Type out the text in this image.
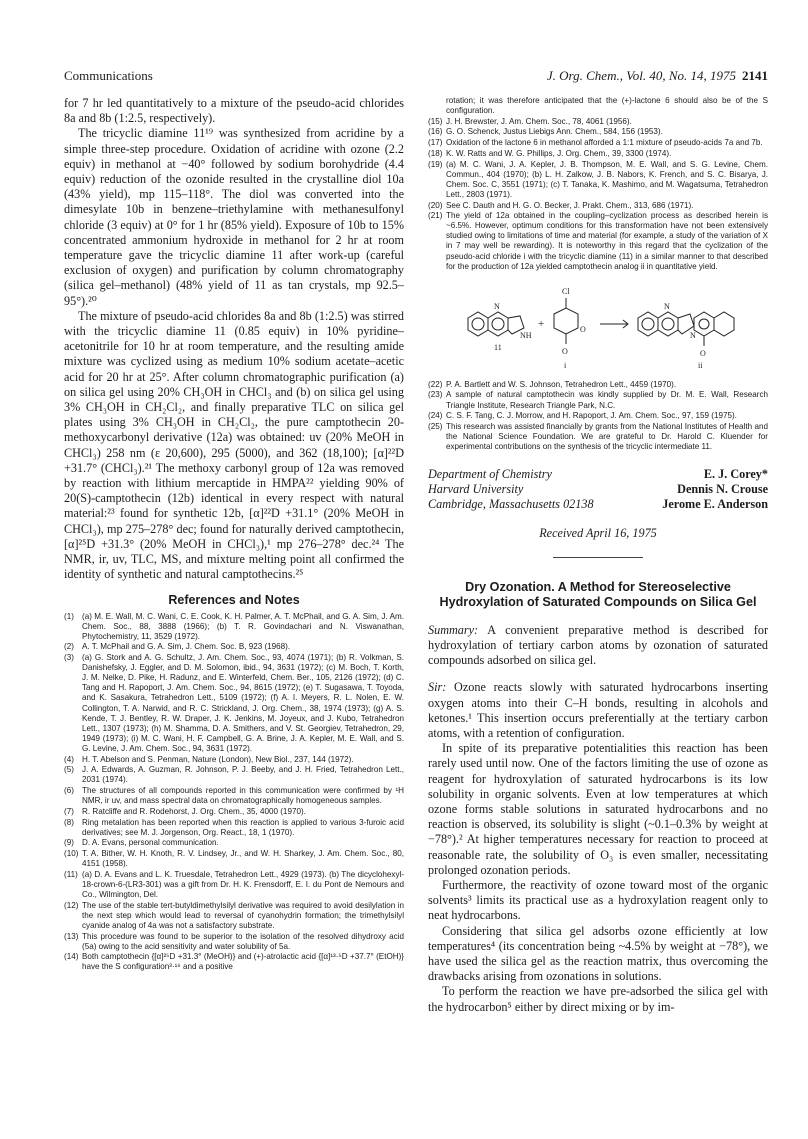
Communications	J. Org. Chem., Vol. 40, No. 14, 1975 2141

for 7 hr led quantitatively to a mixture of the pseudo-acid chlorides 8a and 8b (1:2.5, respectively).

The tricyclic diamine 11¹⁹ was synthesized from acridine by a simple three-step procedure. Oxidation of acridine with ozone (2.2 equiv) in methanol at −40° followed by sodium borohydride (4.4 equiv) reduction of the ozonide resulted in the crystalline diol 10a (43% yield), mp 115–118°. The diol was converted into the dimesylate 10b in benzene–triethylamine with methanesulfonyl chloride (3 equiv) at 0° for 1 hr (85% yield). Exposure of 10b to 15% concentrated ammonium hydroxide in methanol for 2 hr at room temperature gave the tricyclic diamine 11 after work-up (careful exclusion of oxygen) and purification by column chromatography (silica gel–methanol) (48% yield of 11 as tan crystals, mp 92.5–95°).²⁰

The mixture of pseudo-acid chlorides 8a and 8b (1:2.5) was stirred with the tricyclic diamine 11 (0.85 equiv) in 10% pyridine–acetonitrile for 10 hr at room temperature, and the resulting amide mixture was cyclized using as medium 10% sodium acetate–acetic acid for 20 hr at 25°. After column chromatographic purification (a) on silica gel using 20% CH₃OH in CHCl₃ and (b) on silica gel using 3% CH₃OH in CH₂Cl₂, and finally preparative TLC on silica gel plates using 3% CH₃OH in CH₂Cl₂, the pure camptothecin 20-methoxycarbonyl derivative (12a) was obtained: uv (20% MeOH in CHCl₃) 258 nm (ε 20,600), 295 (5000), and 362 (18,100); [α]²²D +31.7° (CHCl₃).²¹ The methoxy carbonyl group of 12a was removed by reaction with lithium mercaptide in HMPA²² yielding 90% of 20(S)-camptothecin (12b) identical in every respect with natural material:²³ found for synthetic 12b, [α]²²D +31.1° (20% MeOH in CHCl₃), mp 275–278° dec; found for naturally derived camptothecin, [α]²⁵D +31.3° (20% MeOH in CHCl₃),¹ mp 276–278° dec.²⁴ The NMR, ir, uv, TLC, MS, and mixture melting point all confirmed the identity of synthetic and natural camptothecins.²⁵

References and Notes
(1) (a) M. E. Wall, M. C. Wani, C. E. Cook, K. H. Palmer, A. T. McPhail, and G. A. Sim, J. Am. Chem. Soc., 88, 3888 (1966); (b) T. R. Govindachari and N. Viswanathan, Phytochemistry, 11, 3529 (1972).
(2) A. T. McPhail and G. A. Sim, J. Chem. Soc. B, 923 (1968).
(3) (a) G. Stork and A. G. Schultz, J. Am. Chem. Soc., 93, 4074 (1971); (b) R. Volkman, S. Danishefsky, J. Eggler, and D. M. Solomon, ibid., 94, 3631 (1972); (c) M. Boch, T. Korth, J. M. Nelke, D. Pike, H. Radunz, and E. Winterfeld, Chem. Ber., 105, 2126 (1972); (d) C. Tang and H. Rapoport, J. Am. Chem. Soc., 94, 8615 (1972); (e) T. Sugasawa, T. Toyoda, and K. Sasakura, Tetrahedron Lett., 5109 (1972); (f) A. I. Meyers, R. L. Nolen, E. W. Collington, T. A. Narwid, and R. C. Strickland, J. Org. Chem., 38, 1974 (1973); (g) A. S. Kende, T. J. Bentley, R. W. Draper, J. K. Jenkins, M. Joyeux, and J. Kubo, Tetrahedron Lett., 1307 (1973); (h) M. Shamma, D. A. Smithers, and V. St. Georgiev, Tetrahedron, 29, 1949 (1973); (i) M. C. Wani, H. F. Campbell, G. A. Brine, J. A. Kepler, M. E. Wall, and S. G. Levine, J. Am. Chem. Soc., 94, 3631 (1972).
(4) H. T. Abelson and S. Penman, Nature (London), New Biol., 237, 144 (1972).
(5) J. A. Edwards, A. Guzman, R. Johnson, P. J. Beeby, and J. H. Fried, Tetrahedron Lett., 2031 (1974).
(6) The structures of all compounds reported in this communication were confirmed by ¹H NMR, ir uv, and mass spectral data on chromatographically homogeneous samples.
(7) R. Ratcliffe and R. Rodehorst, J. Org. Chem., 35, 4000 (1970).
(8) Ring metalation has been reported when this reaction is applied to various 3-furoic acid derivatives; see M. J. Jorgenson, Org. React., 18, 1 (1970).
(9) D. A. Evans, personal communication.
(10) T. A. Bither, W. H. Knoth, R. V. Lindsey, Jr., and W. H. Sharkey, J. Am. Chem. Soc., 80, 4151 (1958).
(11) (a) D. A. Evans and L. K. Truesdale, Tetrahedron Lett., 4929 (1973). (b) The dicyclohexyl-18-crown-6-(LR3-301) was a gift from Dr. H. K. Frensdorff, E. I. du Pont de Nemours and Co., Wilmington, Del.
(12) The use of the stable tert-butyldimethylsilyl derivative was required to avoid desilylation in the next step which would lead to reversal of cyanohydrin formation; the trimethylsilyl cyanide analog of 4a was not a satisfactory substrate.
(13) This procedure was found to be superior to the isolation of the resolved dihydroxy acid (5a) owing to the acid sensitivity and water solubility of 5a.
(14) Both camptothecin {[α]²⁵D +31.3° (MeOH)} and (+)-atrolactic acid {[α]¹³·⁵D +37.7° (EtOH)} have the S configuration³·¹⁶ and a positive
rotation; it was therefore anticipated that the (+)-lactone 6 should also be of the S configuration.
(15) J. H. Brewster, J. Am. Chem. Soc., 78, 4061 (1956).
(16) G. O. Schenck, Justus Liebigs Ann. Chem., 584, 156 (1953).
(17) Oxidation of the lactone 6 in methanol afforded a 1:1 mixture of pseudo-acids 7a and 7b.
(18) K. W. Ratts and W. G. Phillips, J. Org. Chem., 39, 3300 (1974).
(19) (a) M. C. Wani, J. A. Kepler, J. B. Thompson, M. E. Wall, and S. G. Levine, Chem. Commun., 404 (1970); (b) L. H. Zalkow, J. B. Nabors, K. French, and S. C. Bisarya, J. Chem. Soc. C, 3551 (1971); (c) T. Tanaka, K. Mashimo, and M. Wagatsuma, Tetrahedron Lett., 2803 (1971).
(20) See C. Dauth and H. G. O. Becker, J. Prakt. Chem., 313, 686 (1971).
(21) The yield of 12a obtained in the coupling–cyclization process as described herein is ~6.5%. However, optimum conditions for this transformation have not been extensively studied owing to limitations of time and material (for example, a study of the variation of X in 7 may well be rewarding). It is noteworthy in this regard that the cyclization of the pseudo-acid chloride i with the tricyclic diamine (11) in a similar manner to that described for the production of 12a yielded camptothecin analog ii in quantitative yield.
Cl
N
NH
+
O
O
N
N
O
11
i	ii
(22) P. A. Bartlett and W. S. Johnson, Tetrahedron Lett., 4459 (1970).
(23) A sample of natural camptothecin was kindly supplied by Dr. M. E. Wall, Research Triangle Institute, Research Triangle Park, N.C.
(24) C. S. F. Tang, C. J. Morrow, and H. Rapoport, J. Am. Chem. Soc., 97, 159 (1975).
(25) This research was assisted financially by grants from the National Institutes of Health and the National Science Foundation. We are grateful to Dr. Harold C. Kluender for experimental contributions on the synthesis of the tricyclic intermediate 11.
Department of Chemistry	E. J. Corey*
Harvard University	Dennis N. Crouse
Cambridge, Massachusetts 02138	Jerome E. Anderson
Received April 16, 1975
Dry Ozonation. A Method for Stereoselective Hydroxylation of Saturated Compounds on Silica Gel

Summary: A convenient preparative method is described for hydroxylation of tertiary carbon atoms by ozonation of saturated compounds adsorbed on silica gel.

Sir: Ozone reacts slowly with saturated hydrocarbons inserting oxygen atoms into their C–H bonds, resulting in alcohols and ketones.¹ This insertion occurs preferentially at the tertiary carbon atoms, with a retention of configuration.

In spite of its preparative potentialities this reaction has been rarely used until now. One of the factors limiting the use of ozone as reagent for hydroxylation of saturated hydrocarbons is its low solubility in organic solvents. Even at low temperatures at which ozone forms stable solutions in saturated hydrocarbons and no reaction is observed, its solubility is slight (~0.1–0.3% by weight at −78°).² At higher temperatures necessary for reaction to proceed at reasonable rate, the solubility of O₃ is even smaller, necessitating prolonged ozonation periods.

Furthermore, the reactivity of ozone toward most of the organic solvents³ limits its practical use as a hydroxylation reagent only to neat hydrocarbons.

Considering that silica gel adsorbs ozone efficiently at low temperatures⁴ (its concentration being ~4.5% by weight at −78°), we have used the silica gel as the reaction matrix, thus overcoming the drawbacks arising from ozonations in solutions.

To perform the reaction we have pre-adsorbed the silica gel with the hydrocarbon⁵ either by direct mixing or by im-
